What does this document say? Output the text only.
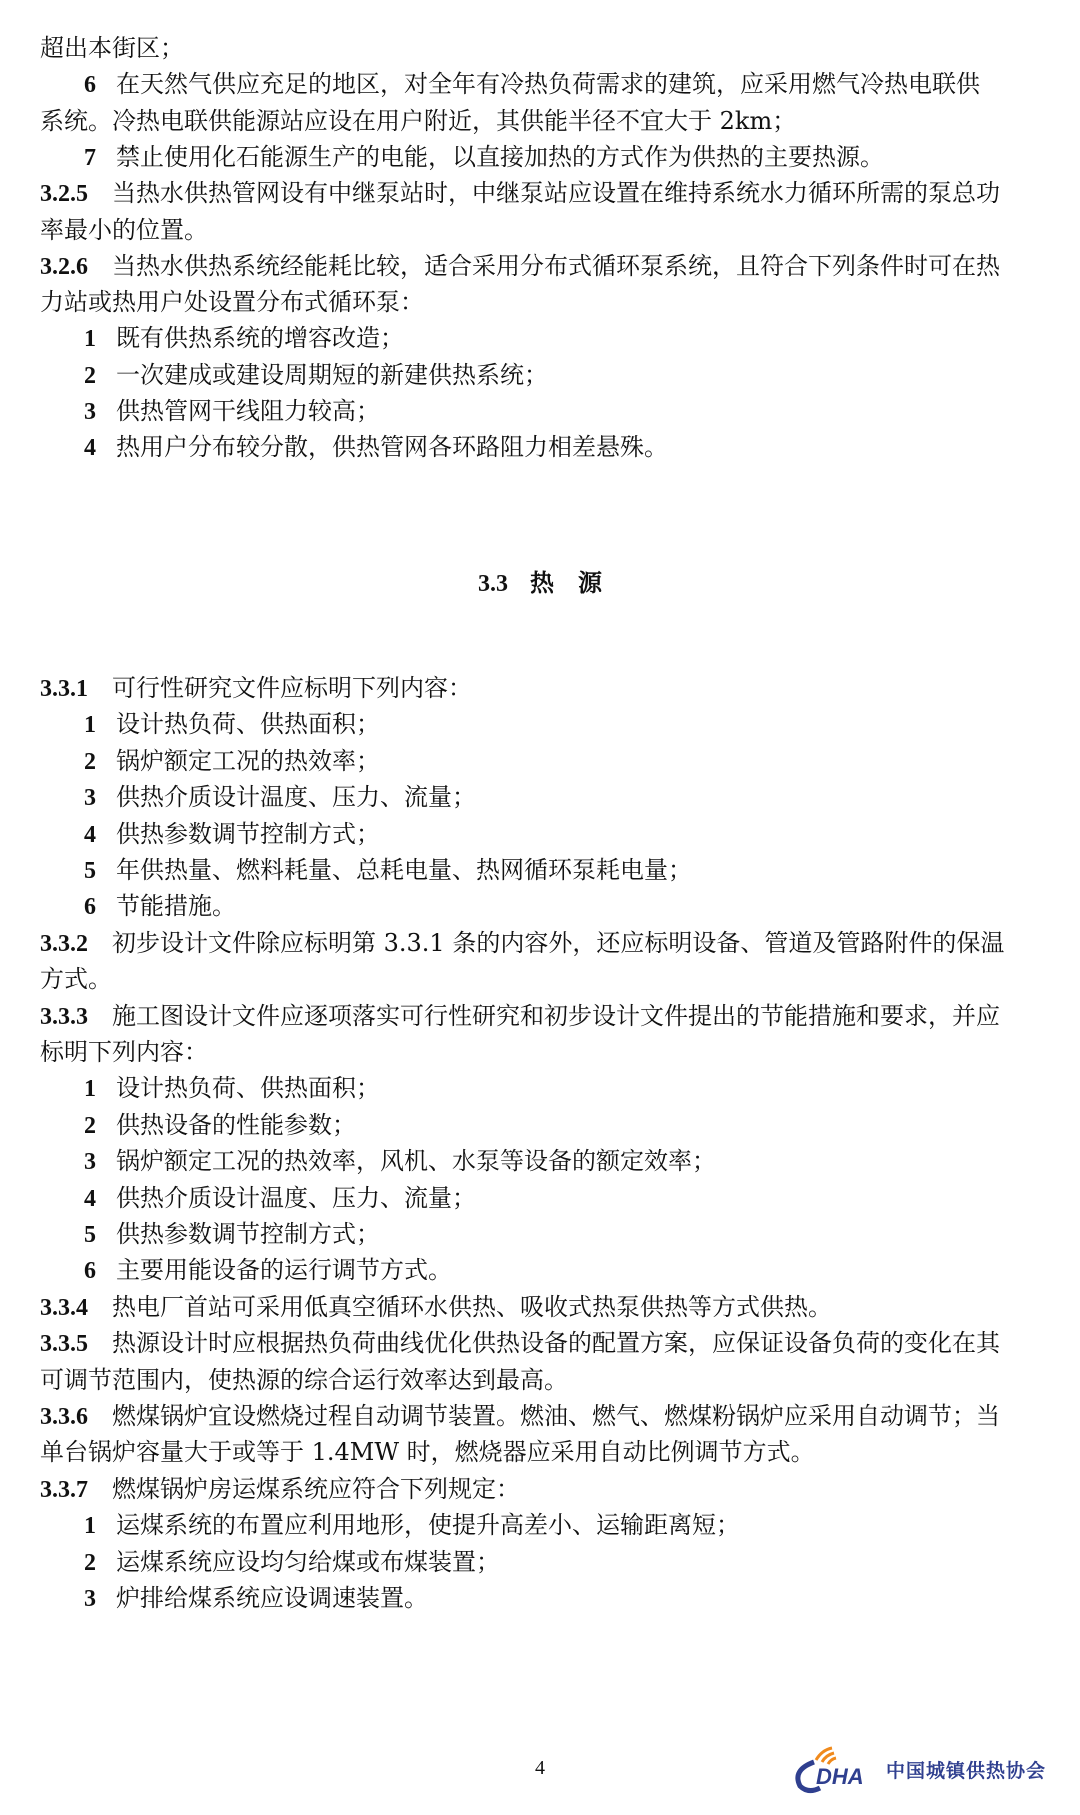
超出本街区；
6 在天然气供应充足的地区，对全年有冷热负荷需求的建筑，应采用燃气冷热电联供
系统。冷热电联供能源站应设在用户附近，其供能半径不宜大于 2km；
7 禁止使用化石能源生产的电能，以直接加热的方式作为供热的主要热源。
3.2.5 当热水供热管网设有中继泵站时，中继泵站应设置在维持系统水力循环所需的泵总功
率最小的位置。
3.2.6 当热水供热系统经能耗比较，适合采用分布式循环泵系统，且符合下列条件时可在热
力站或热用户处设置分布式循环泵：
1 既有供热系统的增容改造；
2 一次建成或建设周期短的新建供热系统；
3 供热管网干线阻力较高；
4 热用户分布较分散，供热管网各环路阻力相差悬殊。
3.3 热　源
3.3.1 可行性研究文件应标明下列内容：
1 设计热负荷、供热面积；
2 锅炉额定工况的热效率；
3 供热介质设计温度、压力、流量；
4 供热参数调节控制方式；
5 年供热量、燃料耗量、总耗电量、热网循环泵耗电量；
6 节能措施。
3.3.2 初步设计文件除应标明第 3.3.1 条的内容外，还应标明设备、管道及管路附件的保温
方式。
3.3.3 施工图设计文件应逐项落实可行性研究和初步设计文件提出的节能措施和要求，并应
标明下列内容：
1 设计热负荷、供热面积；
2 供热设备的性能参数；
3 锅炉额定工况的热效率，风机、水泵等设备的额定效率；
4 供热介质设计温度、压力、流量；
5 供热参数调节控制方式；
6 主要用能设备的运行调节方式。
3.3.4 热电厂首站可采用低真空循环水供热、吸收式热泵供热等方式供热。
3.3.5 热源设计时应根据热负荷曲线优化供热设备的配置方案，应保证设备负荷的变化在其
可调节范围内，使热源的综合运行效率达到最高。
3.3.6 燃煤锅炉宜设燃烧过程自动调节装置。燃油、燃气、燃煤粉锅炉应采用自动调节；当
单台锅炉容量大于或等于 1.4MW 时，燃烧器应采用自动比例调节方式。
3.3.7 燃煤锅炉房运煤系统应符合下列规定：
1 运煤系统的布置应利用地形，使提升高差小、运输距离短；
2 运煤系统应设均匀给煤或布煤装置；
3 炉排给煤系统应设调速装置。
4	DHA 中国城镇供热协会
